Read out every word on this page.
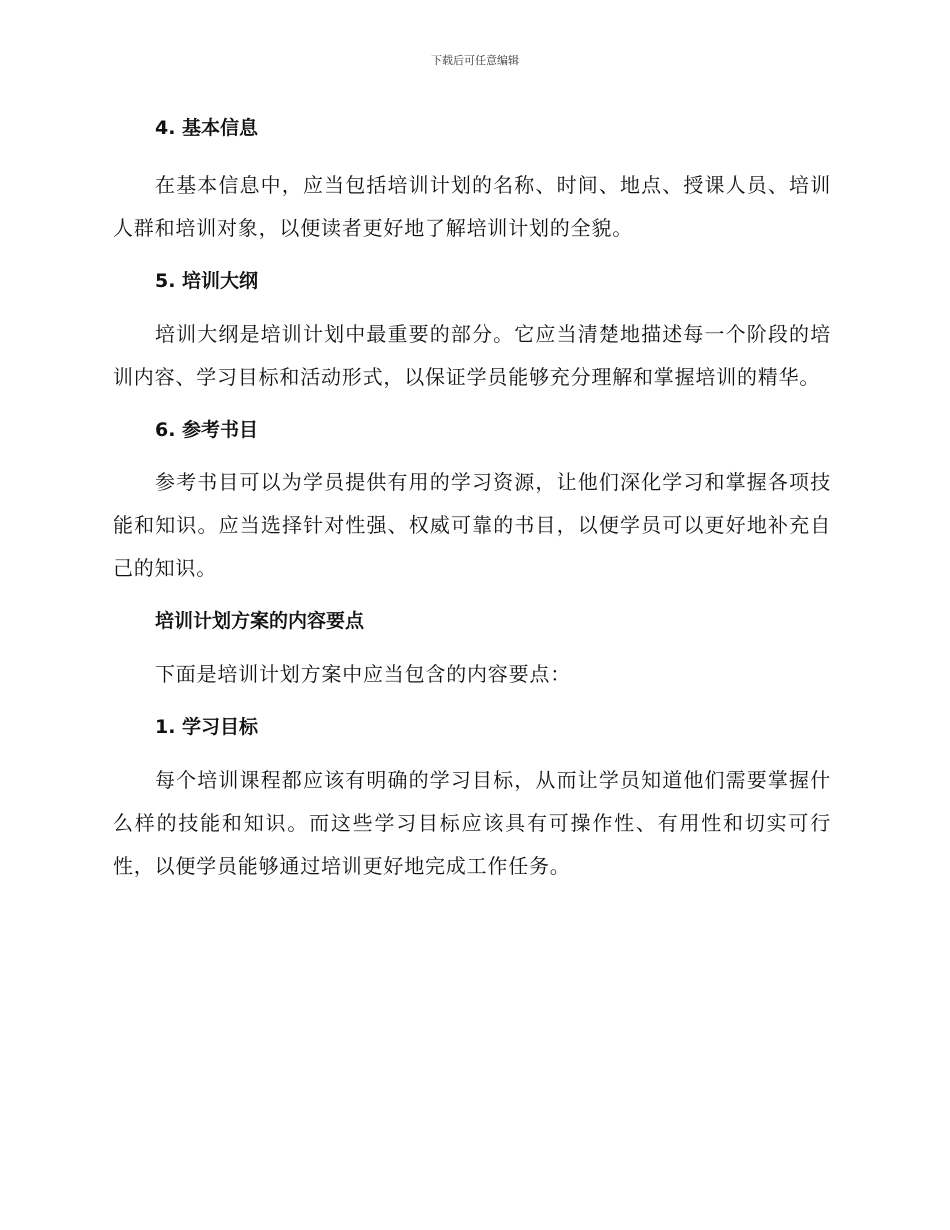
下载后可任意编辑
4. 基本信息

在基本信息中，应当包括培训计划的名称、时间、地点、授课人员、培训人群和培训对象，以便读者更好地了解培训计划的全貌。

5. 培训大纲

培训大纲是培训计划中最重要的部分。它应当清楚地描述每一个阶段的培训内容、学习目标和活动形式，以保证学员能够充分理解和掌握培训的精华。

6. 参考书目

参考书目可以为学员提供有用的学习资源，让他们深化学习和掌握各项技能和知识。应当选择针对性强、权威可靠的书目，以便学员可以更好地补充自己的知识。

培训计划方案的内容要点

下面是培训计划方案中应当包含的内容要点：

1. 学习目标

每个培训课程都应该有明确的学习目标，从而让学员知道他们需要掌握什么样的技能和知识。而这些学习目标应该具有可操作性、有用性和切实可行性，以便学员能够通过培训更好地完成工作任务。
